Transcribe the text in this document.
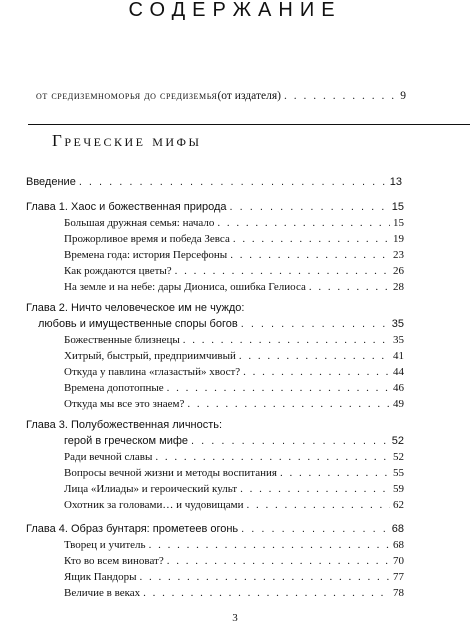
СОДЕРЖАНИЕ
от средиземноморья до средиземья (от издателя) . . .	9
Греческие мифы
Введение . . .	13
Глава 1. Хаос и божественная природа . . .	15
Большая дружная семья: начало . . .	15
Прожорливое время и победа Зевса . . .	19
Времена года: история Персефоны . . .	23
Как рождаются цветы? . . .	26
На земле и на небе: дары Диониса, ошибка Гелиоса . . .	28
Глава 2. Ничто человеческое им не чуждо:
любовь и имущественные споры богов . . .	35
Божественные близнецы . . .	35
Хитрый, быстрый, предприимчивый . . .	41
Откуда у павлина «глазастый» хвост? . . .	44
Времена допотопные . . .	46
Откуда мы все это знаем? . . .	49
Глава 3. Полубожественная личность:
герой в греческом мифе . . .	52
Ради вечной славы . . .	52
Вопросы вечной жизни и методы воспитания . . .	55
Лица «Илиады» и героический культ . . .	59
Охотник за головами… и чудовищами . . .	62
Глава 4. Образ бунтаря: прометеев огонь . . .	68
Творец и учитель . . .	68
Кто во всем виноват? . . .	70
Ящик Пандоры . . .	77
Величие в веках . . .	78
3
